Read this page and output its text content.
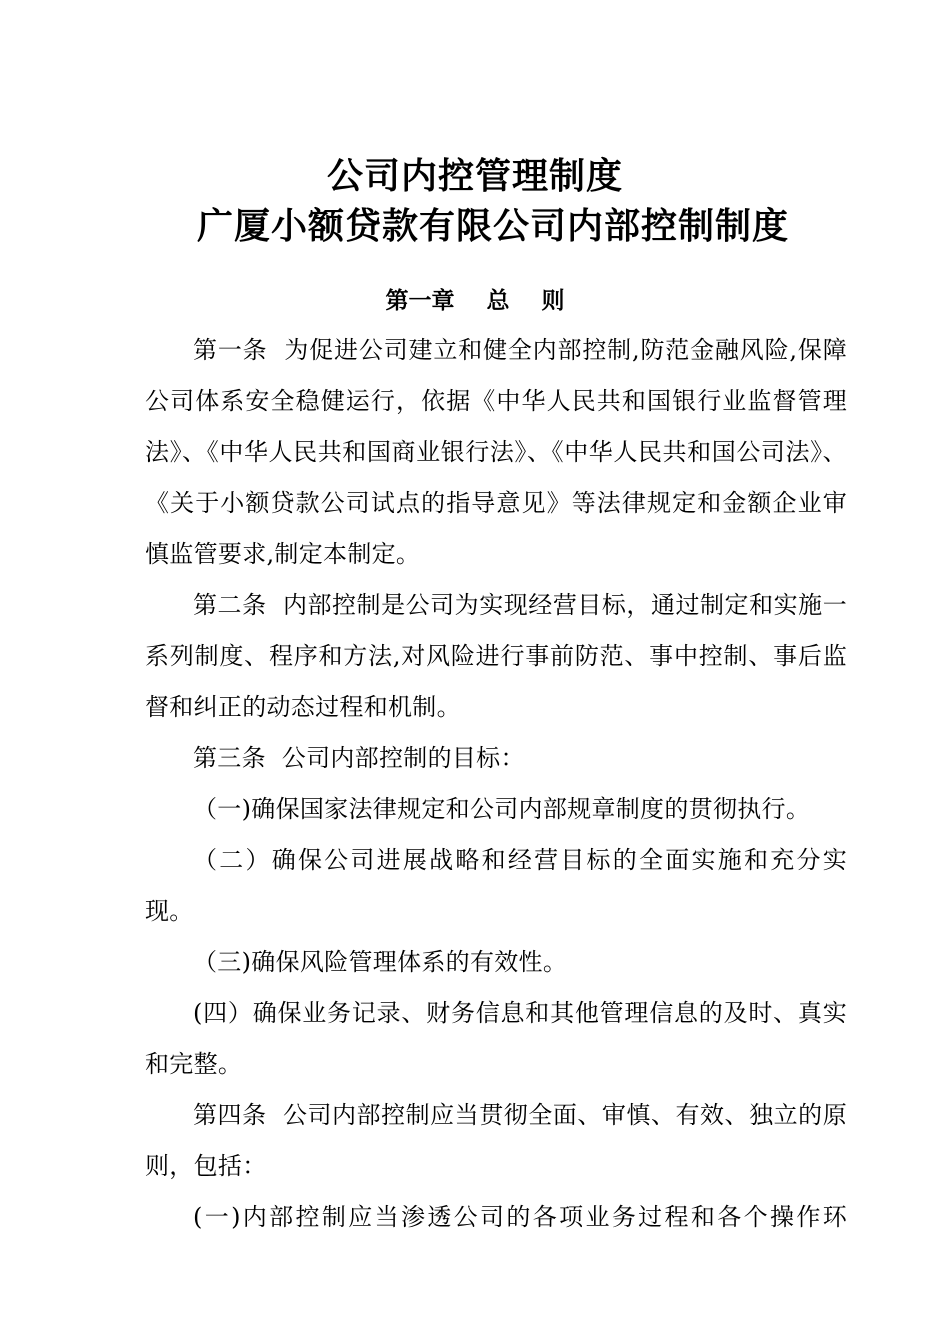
公司内控管理制度
广厦小额贷款有限公司内部控制制度
第一章    总    则

第一条  为促进公司建立和健全内部控制,防范金融风险,保障公司体系安全稳健运行，依据《中华人民共和国银行业监督管理法》、《中华人民共和国商业银行法》、《中华人民共和国公司法》、《关于小额贷款公司试点的指导意见》等法律规定和金额企业审慎监管要求,制定本制定。

第二条  内部控制是公司为实现经营目标，通过制定和实施一系列制度、程序和方法,对风险进行事前防范、事中控制、事后监督和纠正的动态过程和机制。

第三条  公司内部控制的目标：

（一)确保国家法律规定和公司内部规章制度的贯彻执行。

（二）确保公司进展战略和经营目标的全面实施和充分实现。

（三)确保风险管理体系的有效性。

(四）确保业务记录、财务信息和其他管理信息的及时、真实和完整。

第四条  公司内部控制应当贯彻全面、审慎、有效、独立的原则，包括：

(一)内部控制应当渗透公司的各项业务过程和各个操作环
